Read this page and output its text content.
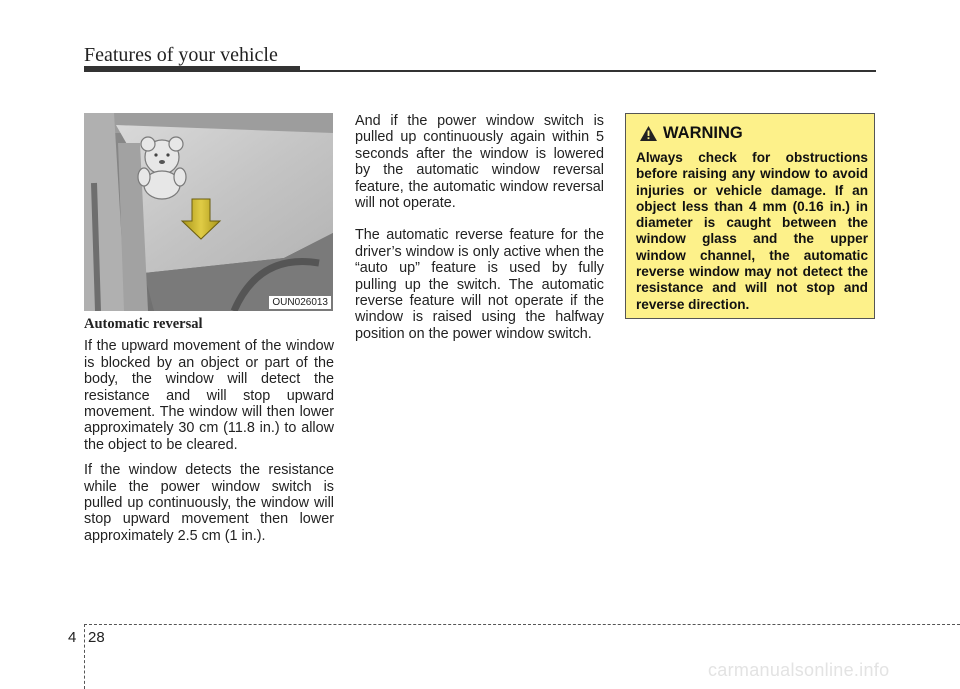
Features of your vehicle
OUN026013
Automatic reversal

If the upward movement of the window is blocked by an object or part of the body, the window will detect the resistance and will stop upward movement. The window will then lower approximately 30 cm (11.8 in.) to allow the object to be cleared.

If the window detects the resistance while the power window switch is pulled up continuously, the window will stop upward movement then lower approximately 2.5 cm (1 in.).

And if the power window switch is pulled up continuously again within 5 seconds after the window is lowered by the automatic window reversal feature, the automatic window reversal will not operate.

The automatic reverse feature for the driver’s window is only active when the “auto up” feature is used by fully pulling up the switch. The automatic reverse feature will not operate if the window is raised using the halfway position on the power window switch.

WARNING
Always check for obstructions before raising any window to avoid injuries or vehicle damage. If an object less than 4 mm (0.16 in.) in diameter is caught between the window glass and the upper window channel, the automatic reverse window may not detect the resistance and will not stop and reverse direction.
4 28
carmanualsonline.info
